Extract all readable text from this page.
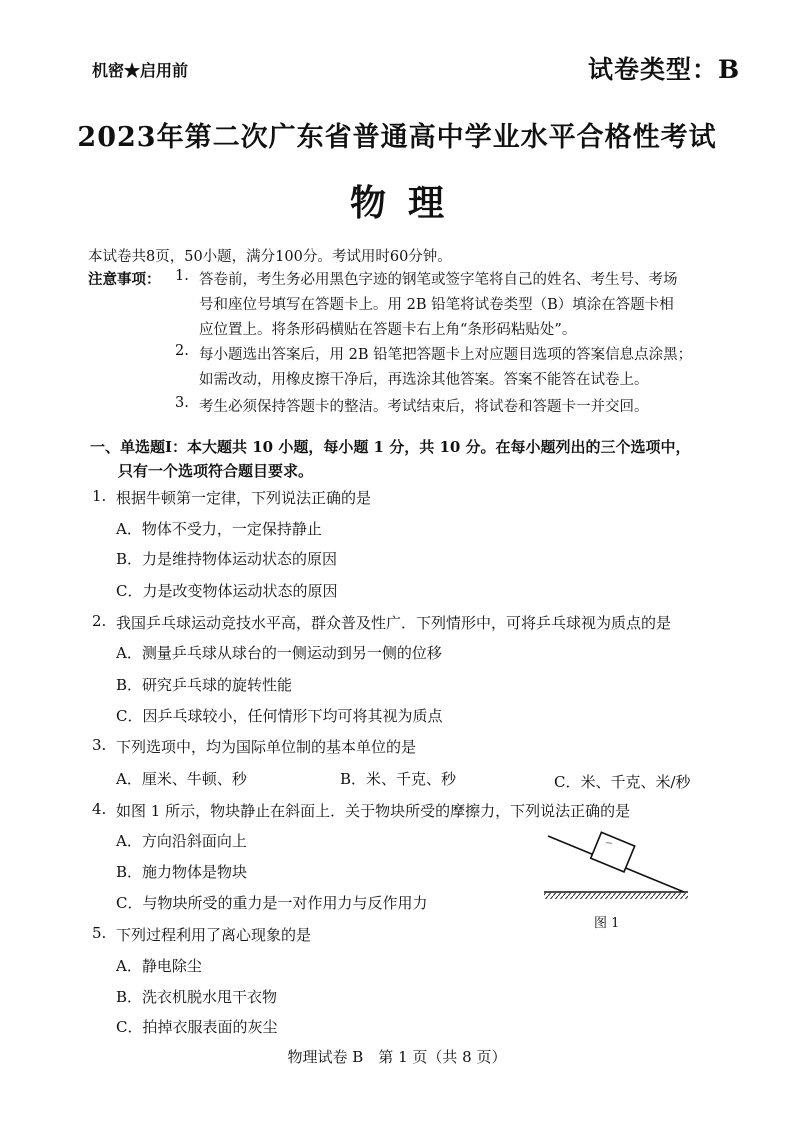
机密★启用前	试卷类型：B
2023年第二次广东省普通高中学业水平合格性考试
物理
本试卷共8页，50小题，满分100分。考试用时60分钟。
注意事项： 1. 答卷前，考生务必用黑色字迹的钢笔或签字笔将自己的姓名、考生号、考场
号和座位号填写在答题卡上。用 2B 铅笔将试卷类型（B）填涂在答题卡相
应位置上。将条形码横贴在答题卡右上角“条形码粘贴处”。
2. 每小题选出答案后，用 2B 铅笔把答题卡上对应题目选项的答案信息点涂黑；
如需改动，用橡皮擦干净后，再选涂其他答案。答案不能答在试卷上。
3. 考生必须保持答题卡的整洁。考试结束后，将试卷和答题卡一并交回。
一、单选题Ⅰ：本大题共 10 小题，每小题 1 分，共 10 分。在每小题列出的三个选项中，
只有一个选项符合题目要求。
1. 根据牛顿第一定律，下列说法正确的是
A．物体不受力，一定保持静止
B．力是维持物体运动状态的原因
C．力是改变物体运动状态的原因
2. 我国乒乓球运动竞技水平高，群众普及性广．下列情形中，可将乒乓球视为质点的是
A．测量乒乓球从球台的一侧运动到另一侧的位移
B．研究乒乓球的旋转性能
C．因乒乓球较小，任何情形下均可将其视为质点
3. 下列选项中，均为国际单位制的基本单位的是
A．厘米、牛顿、秒	B．米、千克、秒	C．米、千克、米/秒
4. 如图 1 所示，物块静止在斜面上．关于物块所受的摩擦力，下列说法正确的是
A．方向沿斜面向上
B．施力物体是物块
C．与物块所受的重力是一对作用力与反作用力
图 1
5. 下列过程利用了离心现象的是
A．静电除尘
B．洗衣机脱水甩干衣物
C．拍掉衣服表面的灰尘
物理试卷 B　第 1 页（共 8 页）
